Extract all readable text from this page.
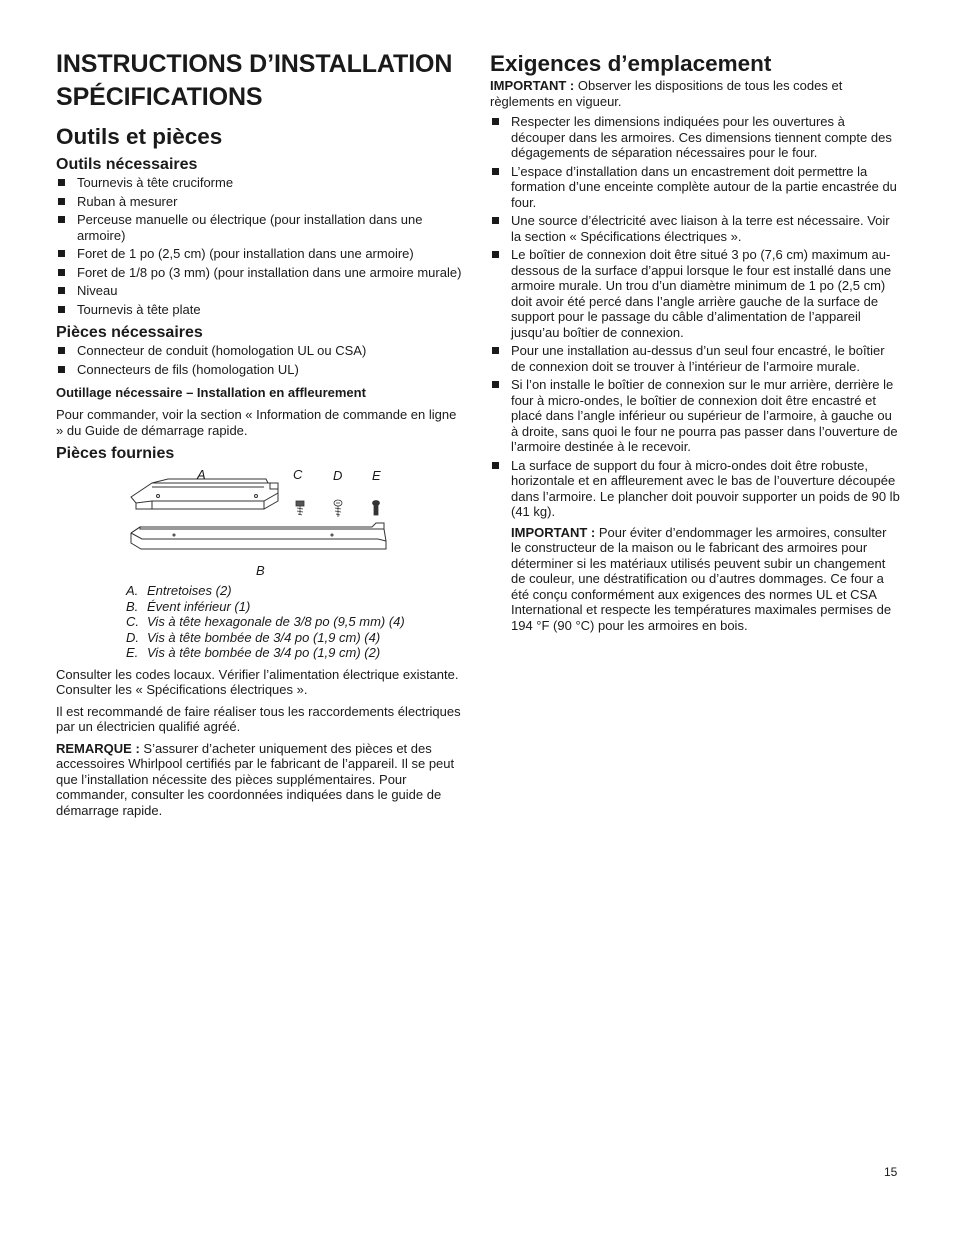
INSTRUCTIONS D’INSTALLATION
SPÉCIFICATIONS
Outils et pièces
Outils nécessaires
Tournevis à tête cruciforme
Ruban à mesurer
Perceuse manuelle ou électrique (pour installation dans une armoire)
Foret de 1 po (2,5 cm) (pour installation dans une armoire)
Foret de 1/8 po (3 mm) (pour installation dans une armoire murale)
Niveau
Tournevis à tête plate
Pièces nécessaires
Connecteur de conduit (homologation UL ou CSA)
Connecteurs de fils (homologation UL)
Outillage nécessaire – Installation en affleurement

Pour commander, voir la section « Information de commande en ligne » du Guide de démarrage rapide.

Pièces fournies
A	C D E
B
A. Entretoises (2)
B. Évent inférieur (1)
C. Vis à tête hexagonale de 3/8 po (9,5 mm) (4)
D. Vis à tête bombée de 3/4 po (1,9 cm) (4)
E. Vis à tête bombée de 3/4 po (1,9 cm) (2)

Consulter les codes locaux. Vérifier l’alimentation électrique existante. Consulter les « Spécifications électriques ».

Il est recommandé de faire réaliser tous les raccordements électriques par un électricien qualifié agréé.

REMARQUE : S’assurer d’acheter uniquement des pièces et des accessoires Whirlpool certifiés par le fabricant de l’appareil. Il se peut que l’installation nécessite des pièces supplémentaires. Pour commander, consulter les coordonnées indiquées dans le guide de démarrage rapide.

Exigences d’emplacement

IMPORTANT : Observer les dispositions de tous les codes et règlements en vigueur.

Respecter les dimensions indiquées pour les ouvertures à découper dans les armoires. Ces dimensions tiennent compte des dégagements de séparation nécessaires pour le four.
L’espace d’installation dans un encastrement doit permettre la formation d’une enceinte complète autour de la partie encastrée du four.
Une source d’électricité avec liaison à la terre est nécessaire. Voir la section « Spécifications électriques ».
Le boîtier de connexion doit être situé 3 po (7,6 cm) maximum au-dessous de la surface d’appui lorsque le four est installé dans une armoire murale. Un trou d’un diamètre minimum de 1 po (2,5 cm) doit avoir été percé dans l’angle arrière gauche de la surface de support pour le passage du câble d’alimentation de l’appareil jusqu’au boîtier de connexion.
Pour une installation au-dessus d’un seul four encastré, le boîtier de connexion doit se trouver à l’intérieur de l’armoire murale.
Si l’on installe le boîtier de connexion sur le mur arrière, derrière le four à micro-ondes, le boîtier de connexion doit être encastré et placé dans l’angle inférieur ou supérieur de l’armoire, à gauche ou à droite, sans quoi le four ne pourra pas passer dans l’ouverture de l’armoire destinée à le recevoir.
La surface de support du four à micro-ondes doit être robuste, horizontale et en affleurement avec le bas de l’ouverture découpée dans l’armoire. Le plancher doit pouvoir supporter un poids de 90 lb (41 kg).

IMPORTANT : Pour éviter d’endommager les armoires, consulter le constructeur de la maison ou le fabricant des armoires pour déterminer si les matériaux utilisés peuvent subir un changement de couleur, une déstratification ou d’autres dommages. Ce four a été conçu conformément aux exigences des normes UL et CSA International et respecte les températures maximales permises de
194 °F (90 °C) pour les armoires en bois.

15
